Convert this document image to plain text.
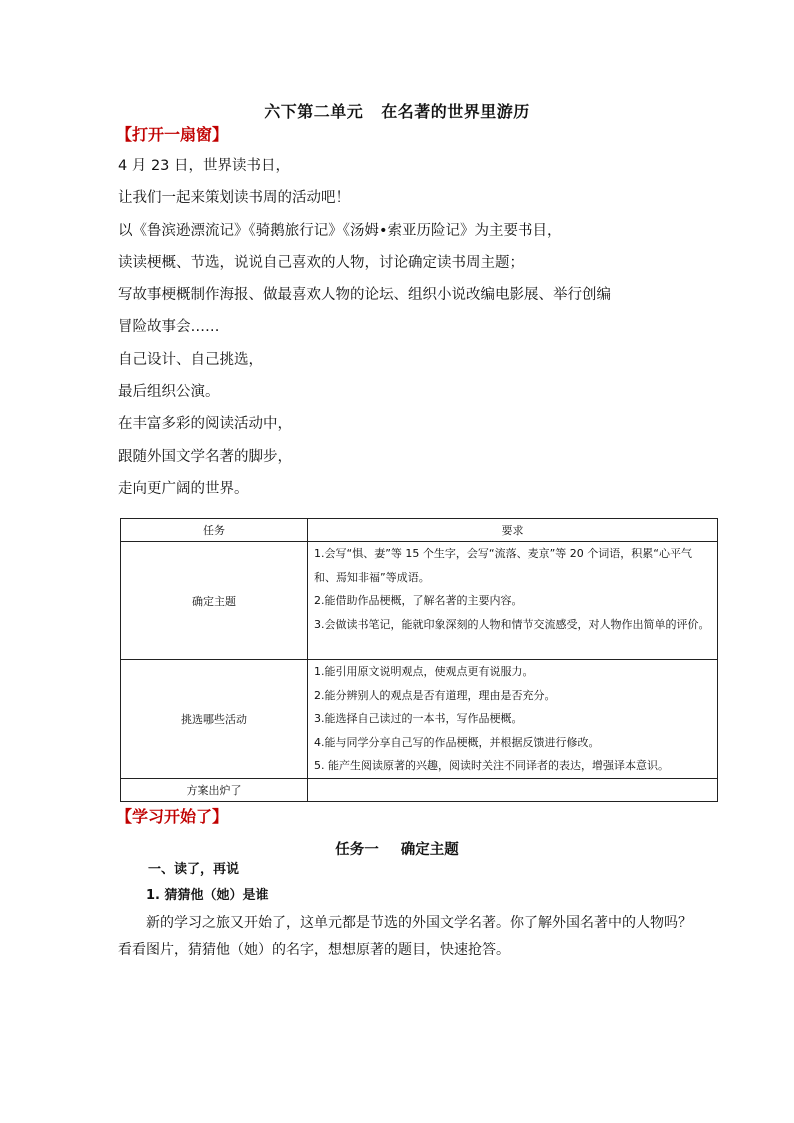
六下第二单元 在名著的世界里游历
【打开一扇窗】
4 月 23 日，世界读书日，
让我们一起来策划读书周的活动吧！
以《鲁滨逊漂流记》《骑鹅旅行记》《汤姆•索亚历险记》为主要书目，
读读梗概、节选，说说自己喜欢的人物，讨论确定读书周主题；
写故事梗概制作海报、做最喜欢人物的论坛、组织小说改编电影展、举行创编
冒险故事会……
自己设计、自己挑选，
最后组织公演。
在丰富多彩的阅读活动中，
跟随外国文学名著的脚步，
走向更广阔的世界。
任务	要求
确定主题	1.会写“惧、妻”等 15 个生字，会写“流落、麦京”等 20 个词语，积累“心平气和、焉知非福”等成语。
2.能借助作品梗概，了解名著的主要内容。
3.会做读书笔记，能就印象深刻的人物和情节交流感受，对人物作出简单的评价。

挑选哪些活动	1.能引用原文说明观点，使观点更有说服力。
2.能分辨别人的观点是否有道理，理由是否充分。
3.能选择自己读过的一本书，写作品梗概。
4.能与同学分享自己写的作品梗概，并根据反馈进行修改。
5. 能产生阅读原著的兴趣，阅读时关注不同译者的表达，增强译本意识。

方案出炉了	
【学习开始了】
任务一 确定主题
一、读了，再说
1. 猜猜他（她）是谁

新的学习之旅又开始了，这单元都是节选的外国文学名著。你了解外国名著中的人物吗？看看图片，猜猜他（她）的名字，想想原著的题目，快速抢答。
